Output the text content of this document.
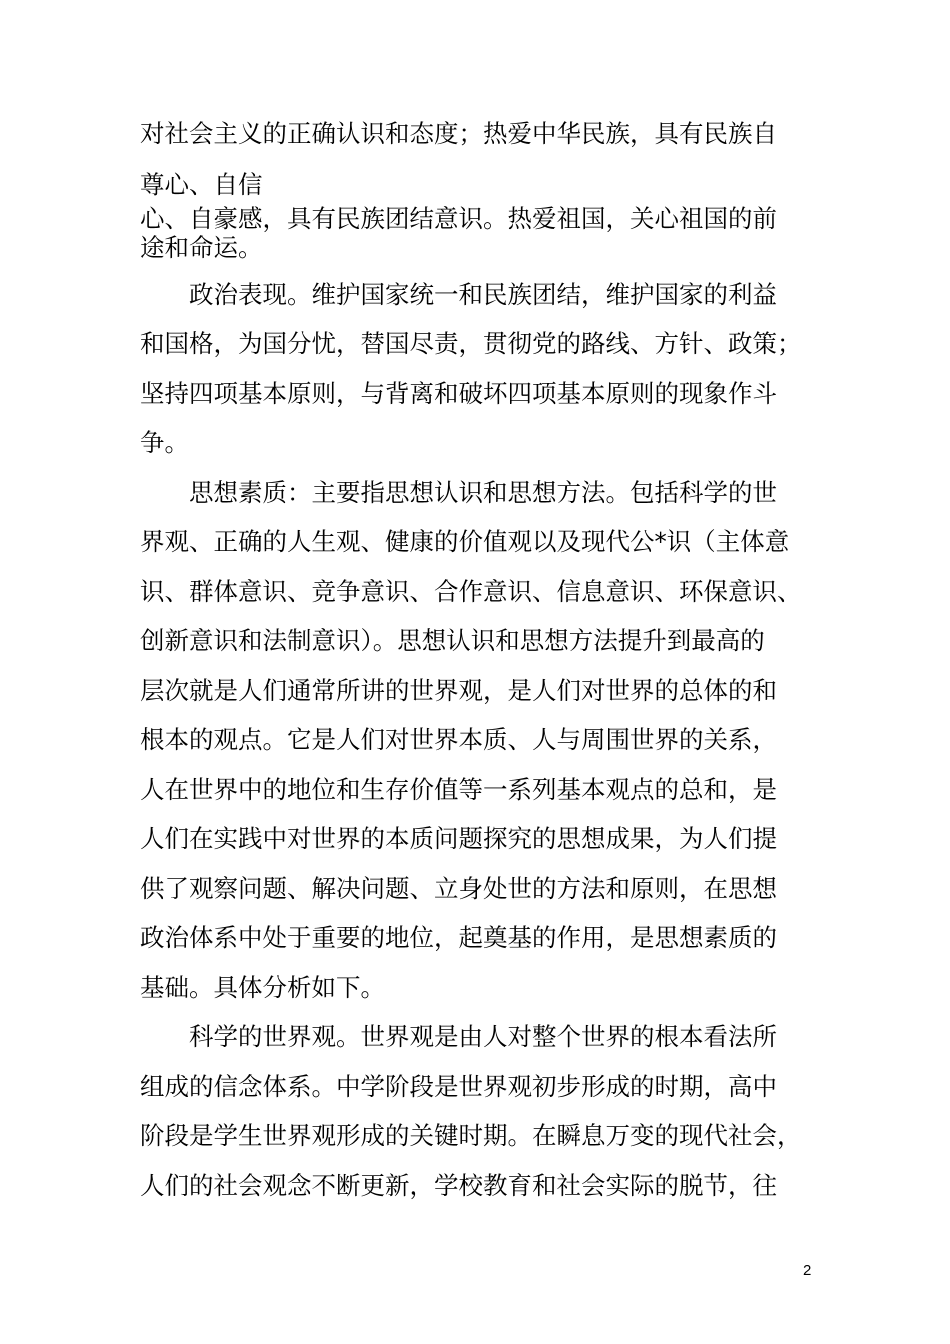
对社会主义的正确认识和态度；热爱中华民族，具有民族自
尊心、自信
心、自豪感，具有民族团结意识。热爱祖国，关心祖国的前
途和命运。
政治表现。维护国家统一和民族团结，维护国家的利益
和国格，为国分忧，替国尽责，贯彻党的路线、方针、政策；
坚持四项基本原则，与背离和破坏四项基本原则的现象作斗
争。
思想素质：主要指思想认识和思想方法。包括科学的世
界观、正确的人生观、健康的价值观以及现代公*识（主体意
识、群体意识、竞争意识、合作意识、信息意识、环保意识、
创新意识和法制意识）。思想认识和思想方法提升到最高的
层次就是人们通常所讲的世界观，是人们对世界的总体的和
根本的观点。它是人们对世界本质、人与周围世界的关系，
人在世界中的地位和生存价值等一系列基本观点的总和，是
人们在实践中对世界的本质问题探究的思想成果，为人们提
供了观察问题、解决问题、立身处世的方法和原则，在思想
政治体系中处于重要的地位，起奠基的作用，是思想素质的
基础。具体分析如下。
科学的世界观。世界观是由人对整个世界的根本看法所
组成的信念体系。中学阶段是世界观初步形成的时期，高中
阶段是学生世界观形成的关键时期。在瞬息万变的现代社会，
人们的社会观念不断更新，学校教育和社会实际的脱节，往
2
